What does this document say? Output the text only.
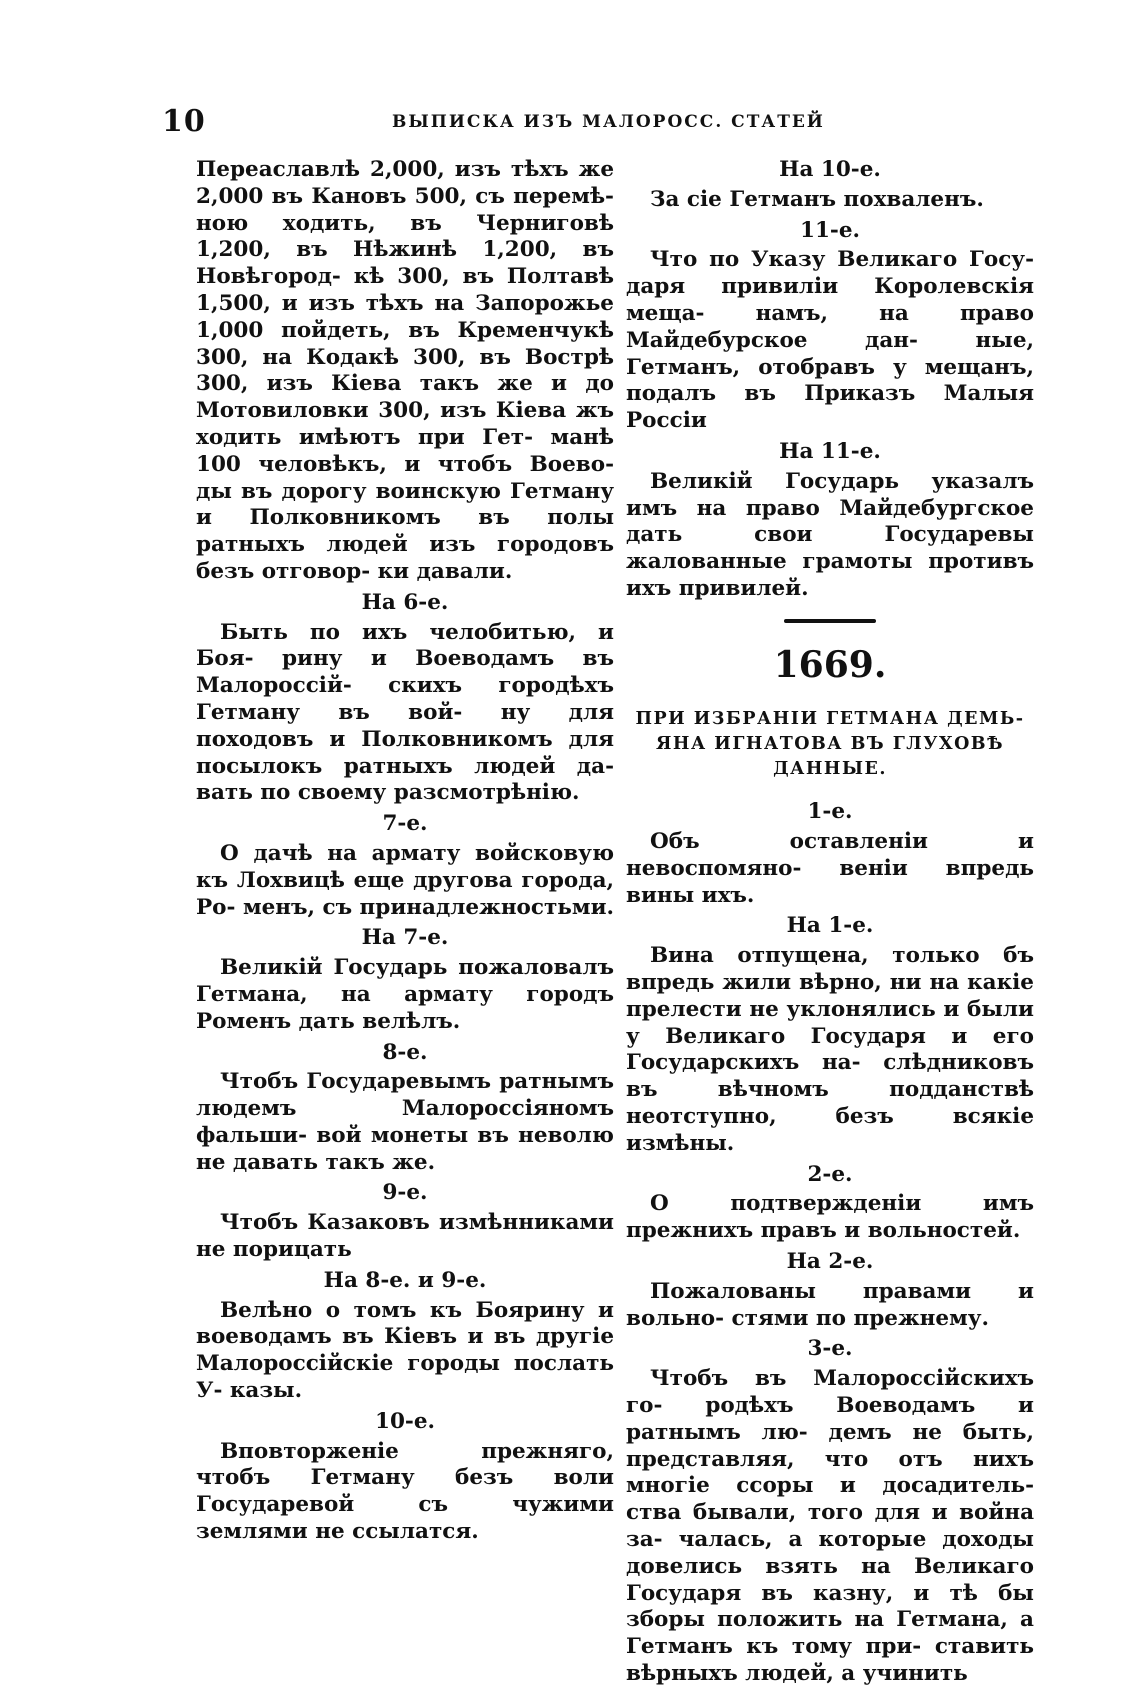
10	ВЫПИСКА ИЗЪ МАЛОРОСС. СТАТЕЙ

Переаславлѣ 2,000, изъ тѣхъ же 2,000 въ Кановъ 500, съ перемѣ- ною ходить, въ Черниговѣ 1,200, въ Нѣжинѣ 1,200, въ Новѣгород- кѣ 300, въ Полтавѣ 1,500, и изъ тѣхъ на Запорожье 1,000 пойдеть, въ Кременчукѣ 300, на Кодакѣ 300, въ Вострѣ 300, изъ Кіева такъ же и до Мотовиловки 300, изъ Кіева жъ ходить имѣютъ при Гет- манѣ 100 человѣкъ, и чтобъ Воево- ды въ дорогу воинскую Гетману и Полковникомъ въ полы ратныхъ людей изъ городовъ безъ отговор- ки давали.

На 6-е.

Быть по ихъ челобитью, и Боя- рину и Воеводамъ въ Малороссій- скихъ городѣхъ Гетману въ вой- ну для походовъ и Полковникомъ для посылокъ ратныхъ людей да- вать по своему разсмотрѣнію.

7-е.

О дачѣ на армату войсковую къ Лохвицѣ еще другова города, Ро- менъ, съ принадлежностьми.

На 7-е.

Великій Государь пожаловалъ Гетмана, на армату городъ Роменъ дать велѣлъ.

8-е.

Чтобъ Государевымъ ратнымъ людемъ Малороссіяномъ фальши- вой монеты въ неволю не давать такъ же.

9-е.

Чтобъ Казаковъ измѣнниками не порицать

На 8-е. и 9-е.

Велѣно о томъ къ Боярину и воеводамъ въ Кіевъ и въ другіе Малороссійскіе городы послать У- казы.

10-е.

Вповторженіе прежняго, чтобъ Гетману безъ воли Государевой съ	чужими землями не ссылатся.

На 10-е.

За сіе Гетманъ похваленъ.

11-е.

Что по Указу Великаго Госу- даря привиліи Королевскія меща- намъ, на право Майдебурское дан-	ные, Гетманъ, отобравъ у мещанъ, подалъ въ Приказъ Малыя Россіи

На 11-е.

Великій Государь указалъ имъ на право Майдебургское дать свои	Государевы жалованные грамоты противъ ихъ привилей.

1669.

ПРИ ИЗБРАНІИ ГЕТМАНА ДЕМЬ- ЯНА ИГНАТОВА ВЪ ГЛУХОВѢ ДАННЫЕ.

1-е.

Объ оставленіи и невоспомяно- веніи впредь вины ихъ.

На 1-е.

Вина отпущена, только бъ впредь жили вѣрно, ни на какіе прелести не уклонялись и были у Великаго Государя и его Государскихъ на- слѣдниковъ въ вѣчномъ подданствѣ неотступно, безъ всякіе измѣны.

2-е.

О подтвержденіи имъ прежнихъ правъ и вольностей.

На 2-е.

Пожалованы правами и вольно- стями по прежнему.

3-е.

Чтобъ въ Малороссійскихъ го- родѣхъ Воеводамъ и ратнымъ лю- демъ не быть, представляя, что отъ нихъ многіе ссоры и досадитель- ства бывали, того для и война за- чалась, а которые доходы довелись взять на Великаго Государя въ казну, и тѣ бы зборы положить на Гетмана, а Гетманъ къ тому при- ставить вѣрныхъ людей, а учинить
